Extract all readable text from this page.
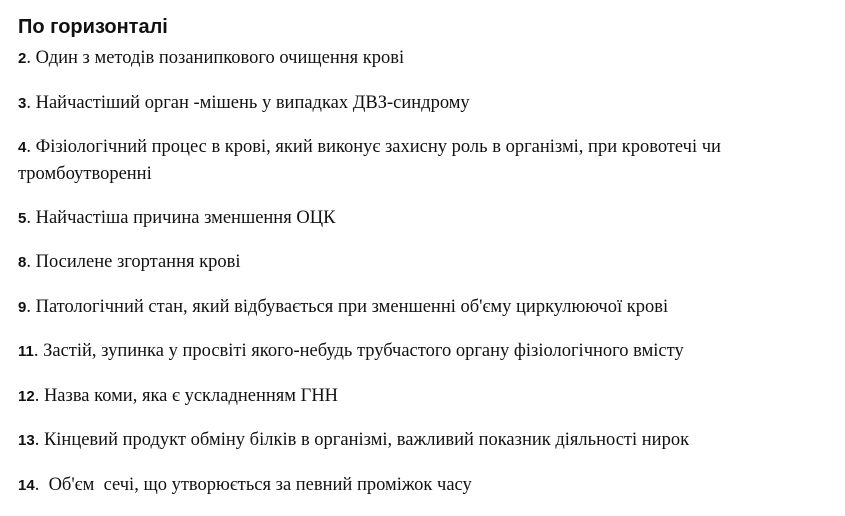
По горизонталі
2. Один з методів позанипкового очищення крові
3. Найчастіший орган -мішень у випадках ДВЗ-синдрому
4. Фізіологічний процес в крові, який виконує захисну роль в організмі, при кровотечі чи тромбоутворенні
5. Найчастіша причина зменшення ОЦК
8. Посилене згортання крові
9. Патологічний стан, який відбувається при зменшенні об'єму циркулюючої крові
11. Застій, зупинка у просвіті якого-небудь трубчастого органу фізіологічного вмісту
12. Назва коми, яка є ускладненням ГНН
13. Кінцевий продукт обміну білків в організмі, важливий показник діяльності нирок
14.  Об'єм  сечі, що утворюється за певний проміжок часу
